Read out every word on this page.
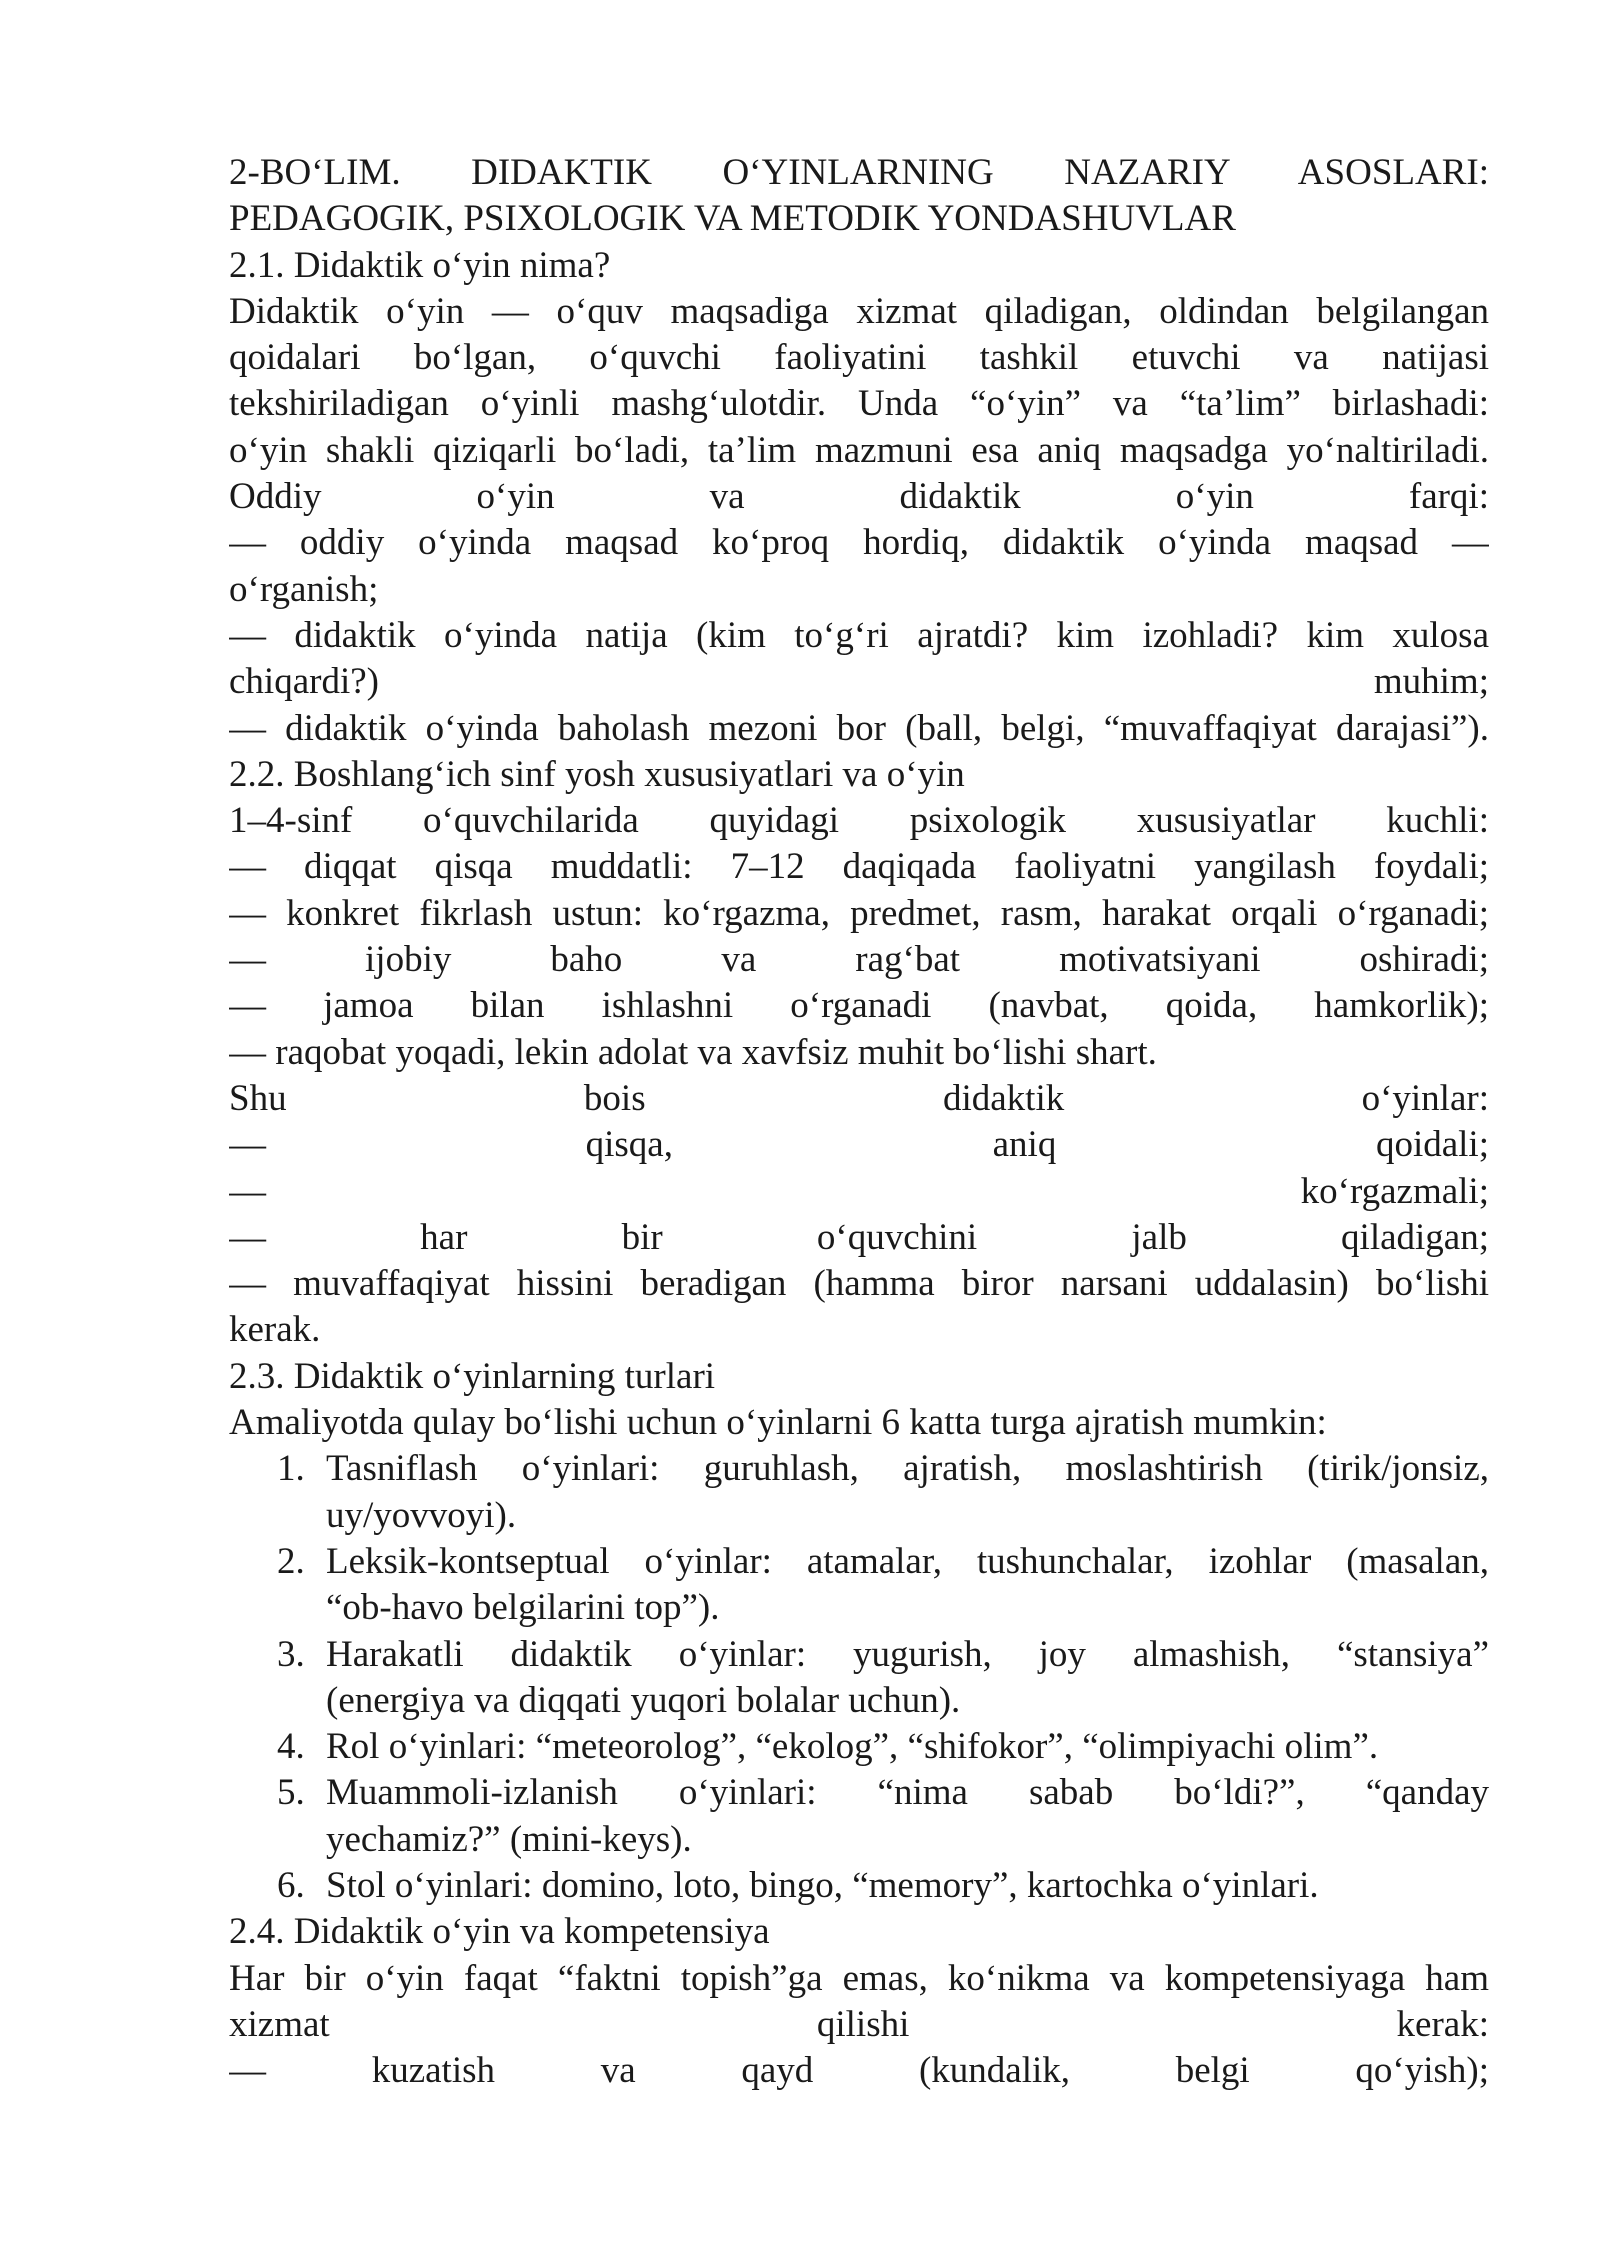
2-BO‘LIM. DIDAKTIK O‘YINLARNING NAZARIY ASOSLARI:
PEDAGOGIK, PSIXOLOGIK VA METODIK YONDASHUVLAR
2.1. Didaktik o‘yin nima?
Didaktik o‘yin — o‘quv maqsadiga xizmat qiladigan, oldindan belgilangan
qoidalari bo‘lgan, o‘quvchi faoliyatini tashkil etuvchi va natijasi
tekshiriladigan o‘yinli mashg‘ulotdir. Unda “o‘yin” va “ta’lim” birlashadi:
o‘yin shakli qiziqarli bo‘ladi, ta’lim mazmuni esa aniq maqsadga yo‘naltiriladi.
Oddiy o‘yin va didaktik o‘yin farqi:
— oddiy o‘yinda maqsad ko‘proq hordiq, didaktik o‘yinda maqsad —
o‘rganish;
— didaktik o‘yinda natija (kim to‘g‘ri ajratdi? kim izohladi? kim xulosa
chiqardi?) muhim;
— didaktik o‘yinda baholash mezoni bor (ball, belgi, “muvaffaqiyat darajasi”).
2.2. Boshlang‘ich sinf yosh xususiyatlari va o‘yin
1–4-sinf o‘quvchilarida quyidagi psixologik xususiyatlar kuchli:
— diqqat qisqa muddatli: 7–12 daqiqada faoliyatni yangilash foydali;
— konkret fikrlash ustun: ko‘rgazma, predmet, rasm, harakat orqali o‘rganadi;
— ijobiy baho va rag‘bat motivatsiyani oshiradi;
— jamoa bilan ishlashni o‘rganadi (navbat, qoida, hamkorlik);
— raqobat yoqadi, lekin adolat va xavfsiz muhit bo‘lishi shart.
Shu bois didaktik o‘yinlar:
— qisqa, aniq qoidali;
— ko‘rgazmali;
— har bir o‘quvchini jalb qiladigan;
— muvaffaqiyat hissini beradigan (hamma biror narsani uddalasin) bo‘lishi
kerak.
2.3. Didaktik o‘yinlarning turlari
Amaliyotda qulay bo‘lishi uchun o‘yinlarni 6 katta turga ajratish mumkin:
1. Tasniflash o‘yinlari: guruhlash, ajratish, moslashtirish (tirik/jonsiz,
uy/yovvoyi).
2. Leksik-kontseptual o‘yinlar: atamalar, tushunchalar, izohlar (masalan,
“ob-havo belgilarini top”).
3. Harakatli didaktik o‘yinlar: yugurish, joy almashish, “stansiya”
(energiya va diqqati yuqori bolalar uchun).
4. Rol o‘yinlari: “meteorolog”, “ekolog”, “shifokor”, “olimpiyachi olim”.
5. Muammoli-izlanish o‘yinlari: “nima sabab bo‘ldi?”, “qanday
yechamiz?” (mini-keys).
6. Stol o‘yinlari: domino, loto, bingo, “memory”, kartochka o‘yinlari.
2.4. Didaktik o‘yin va kompetensiya
Har bir o‘yin faqat “faktni topish”ga emas, ko‘nikma va kompetensiyaga ham
xizmat qilishi kerak:
— kuzatish va qayd (kundalik, belgi qo‘yish);
